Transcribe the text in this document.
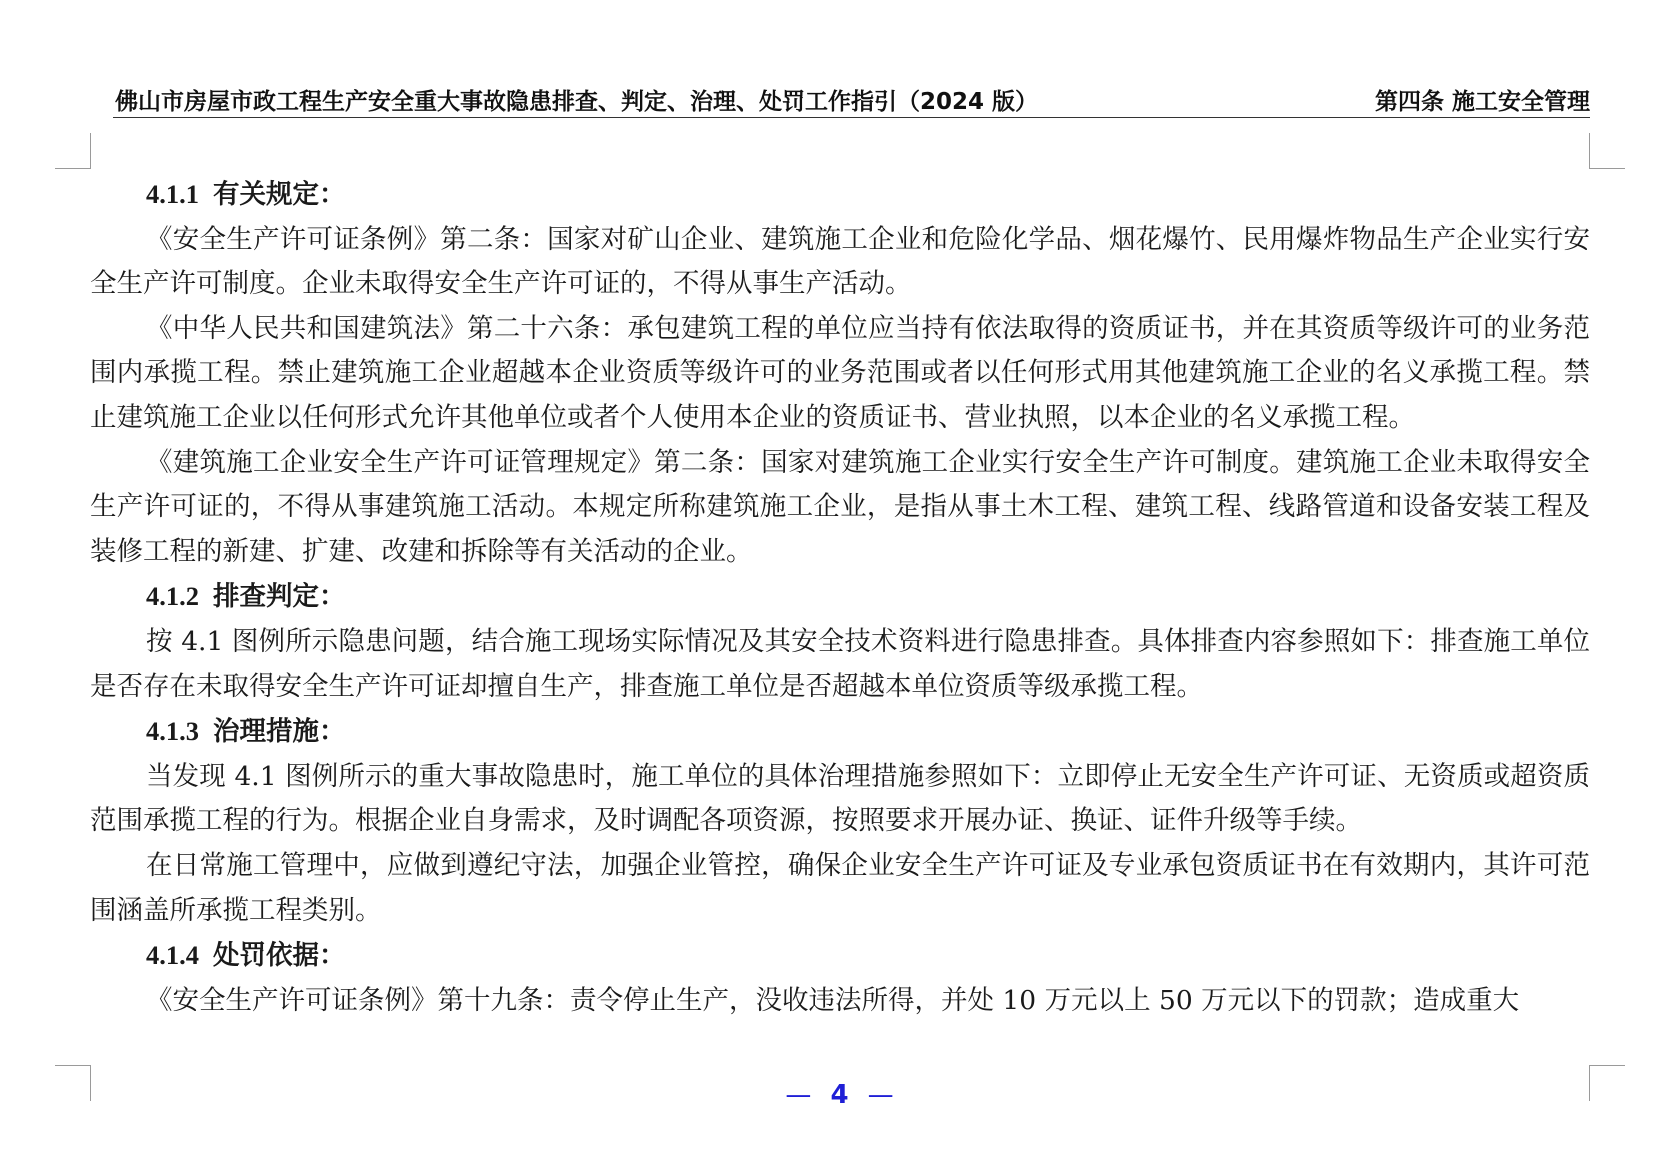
佛山市房屋市政工程生产安全重大事故隐患排查、判定、治理、处罚工作指引（2024 版）	第四条 施工安全管理

4.1.1 有关规定：

《安全生产许可证条例》第二条：国家对矿山企业、建筑施工企业和危险化学品、烟花爆竹、民用爆炸物品生产企业实行安全生产许可制度。企业未取得安全生产许可证的，不得从事生产活动。

《中华人民共和国建筑法》第二十六条：承包建筑工程的单位应当持有依法取得的资质证书，并在其资质等级许可的业务范围内承揽工程。禁止建筑施工企业超越本企业资质等级许可的业务范围或者以任何形式用其他建筑施工企业的名义承揽工程。禁止建筑施工企业以任何形式允许其他单位或者个人使用本企业的资质证书、营业执照，以本企业的名义承揽工程。

《建筑施工企业安全生产许可证管理规定》第二条：国家对建筑施工企业实行安全生产许可制度。建筑施工企业未取得安全生产许可证的，不得从事建筑施工活动。本规定所称建筑施工企业，是指从事土木工程、建筑工程、线路管道和设备安装工程及装修工程的新建、扩建、改建和拆除等有关活动的企业。

4.1.2 排查判定：

按 4.1 图例所示隐患问题，结合施工现场实际情况及其安全技术资料进行隐患排查。具体排查内容参照如下：排查施工单位是否存在未取得安全生产许可证却擅自生产，排查施工单位是否超越本单位资质等级承揽工程。

4.1.3 治理措施：

当发现 4.1 图例所示的重大事故隐患时，施工单位的具体治理措施参照如下：立即停止无安全生产许可证、无资质或超资质范围承揽工程的行为。根据企业自身需求，及时调配各项资源，按照要求开展办证、换证、证件升级等手续。

在日常施工管理中，应做到遵纪守法，加强企业管控，确保企业安全生产许可证及专业承包资质证书在有效期内，其许可范围涵盖所承揽工程类别。

4.1.4 处罚依据：

《安全生产许可证条例》第十九条：责令停止生产，没收违法所得，并处 10 万元以上 50 万元以下的罚款；造成重大

— 4 —
